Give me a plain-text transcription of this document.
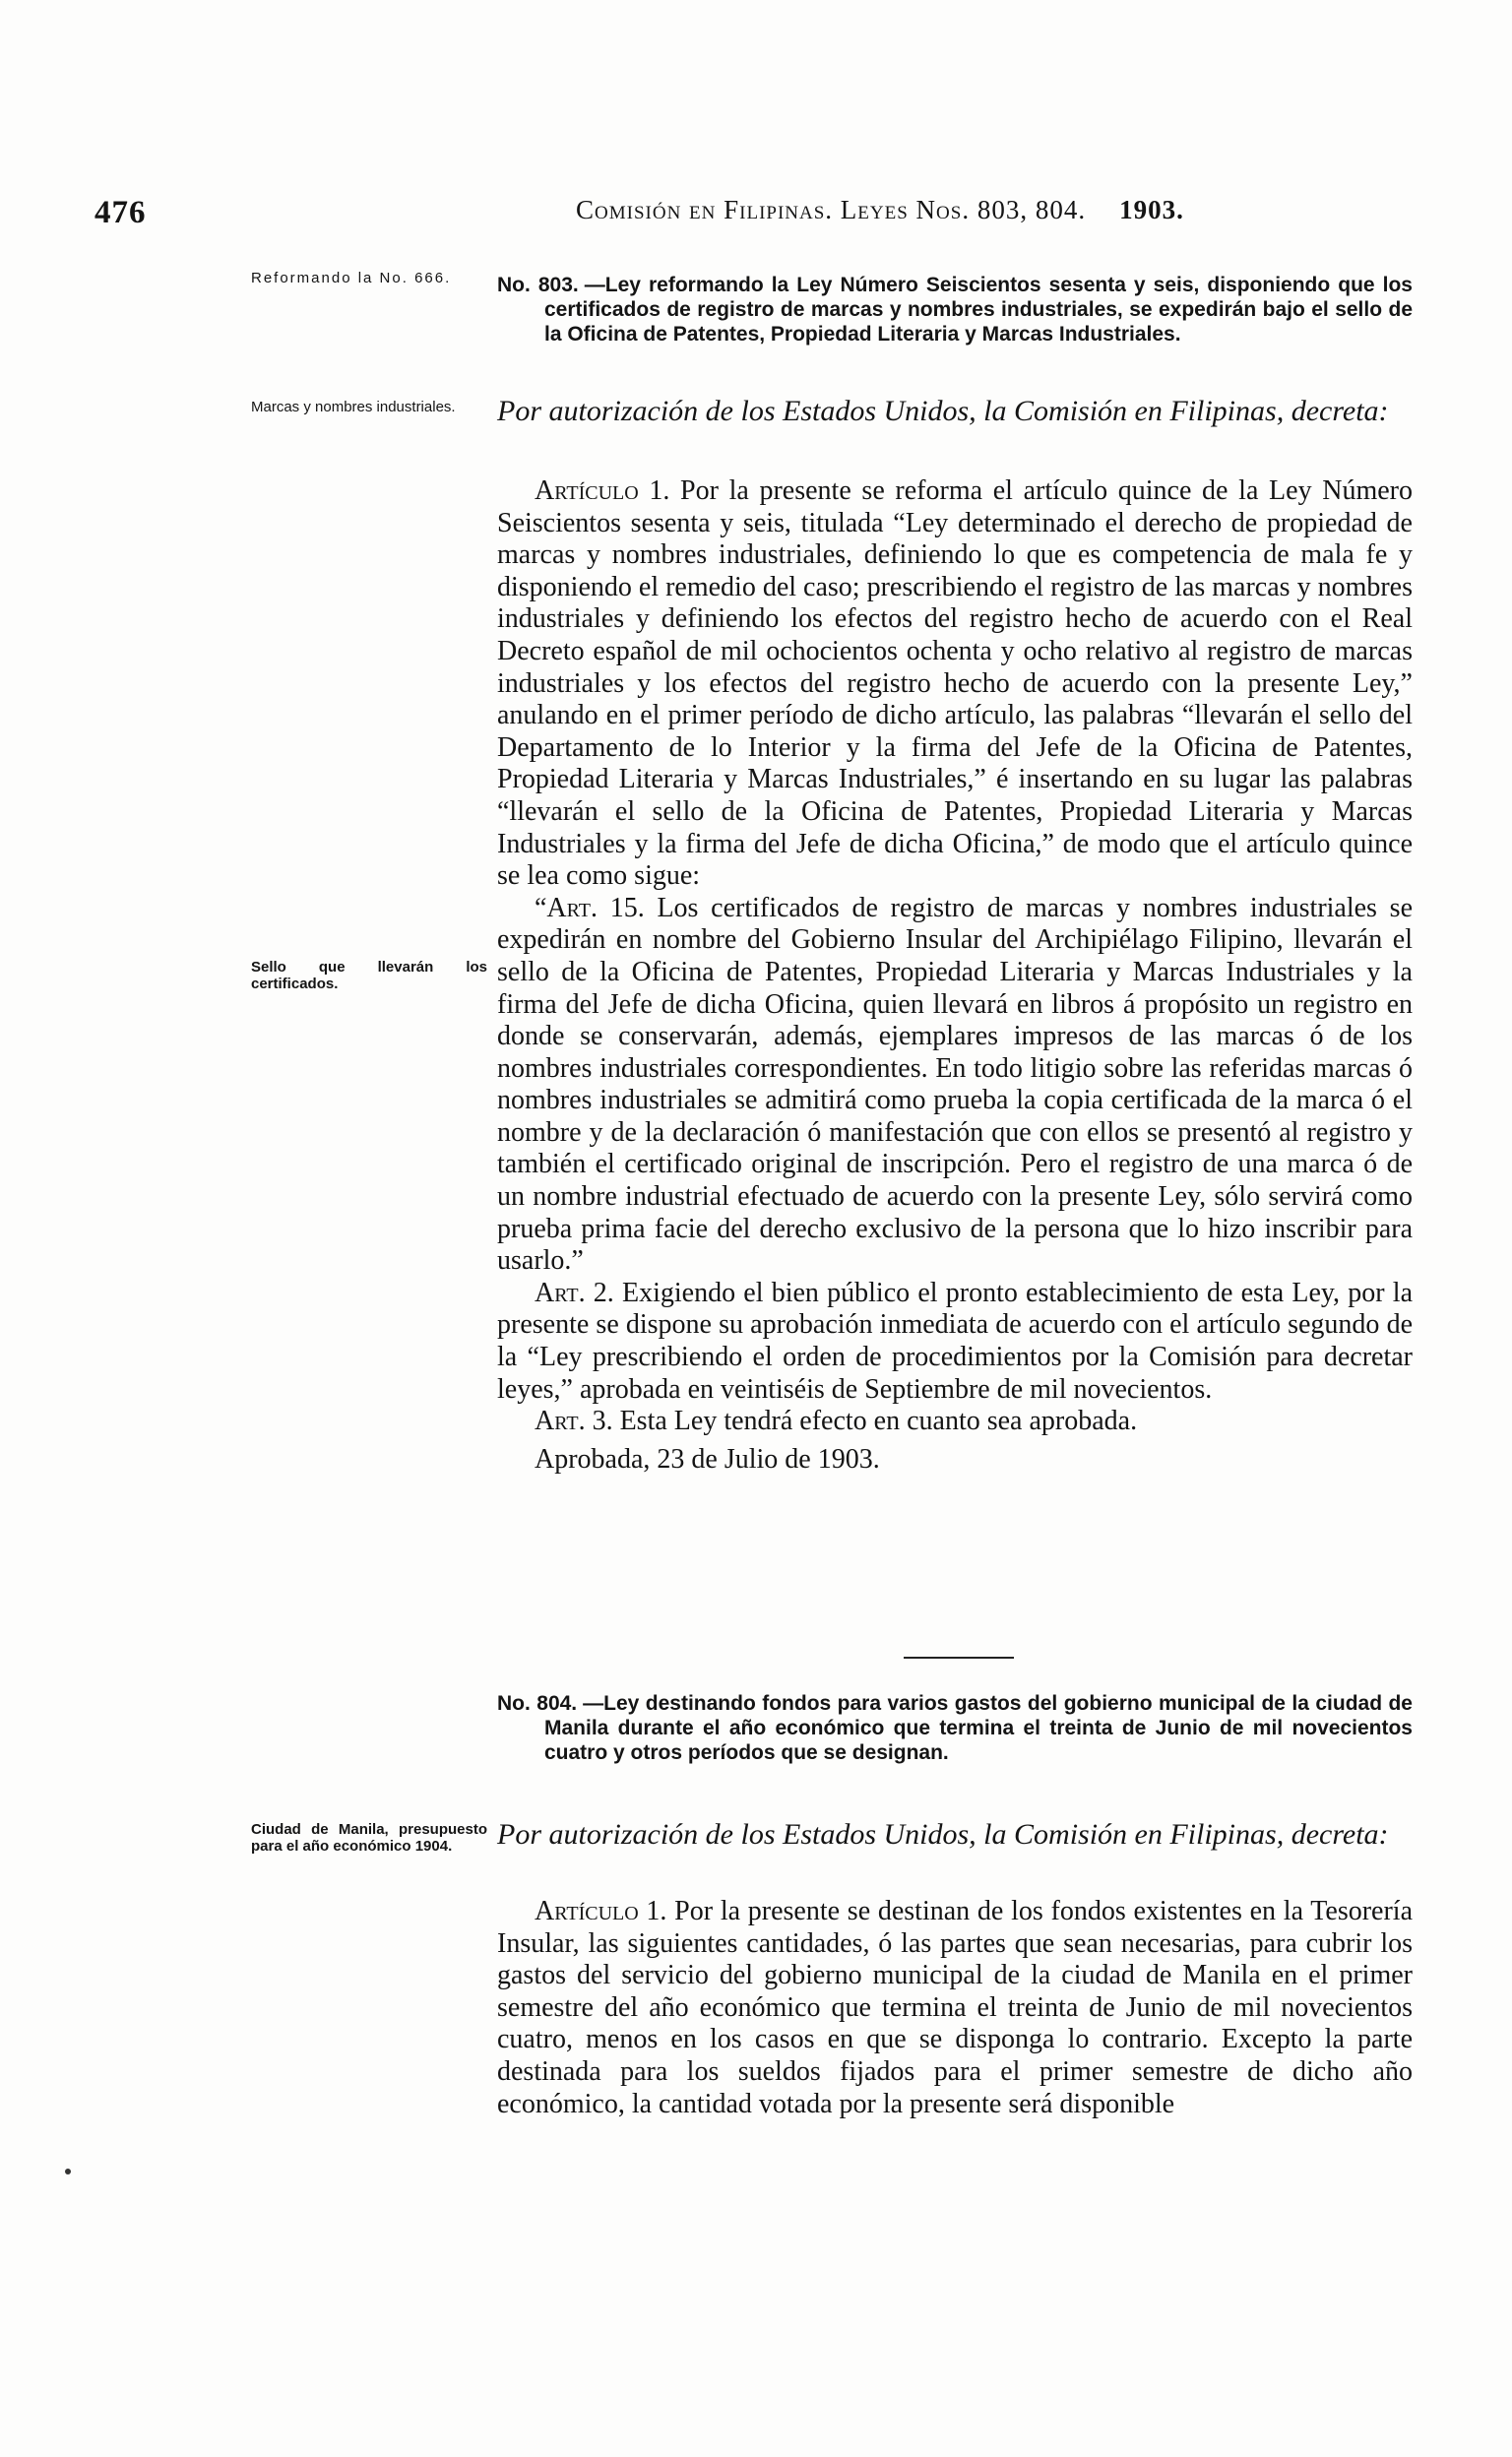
476	Comisión en Filipinas. Leyes Nos. 803, 804. 1903.
Reformando la No. 666.
Marcas y nombres industriales.
Sello que llevarán los certificados.
Ciudad de Manila, presupuesto para el año económico 1904.

No. 803. —Ley reformando la Ley Número Seiscientos sesenta y seis, disponiendo que los certificados de registro de marcas y nombres industriales, se expedirán bajo el sello de la Oficina de Patentes, Propiedad Literaria y Marcas Industriales.

Por autorización de los Estados Unidos, la Comisión en Filipinas, decreta:

Artículo 1. Por la presente se reforma el artículo quince de la Ley Número Seiscientos sesenta y seis, titulada “Ley determinado el derecho de propiedad de marcas y nombres industriales, definiendo lo que es competencia de mala fe y disponiendo el remedio del caso; prescribiendo el registro de las marcas y nombres industriales y definiendo los efectos del registro hecho de acuerdo con el Real Decreto español de mil ochocientos ochenta y ocho relativo al registro de marcas industriales y los efectos del registro hecho de acuerdo con la presente Ley,” anulando en el primer período de dicho artículo, las palabras “llevarán el sello del Departamento de lo Interior y la firma del Jefe de la Oficina de Patentes, Propiedad Literaria y Marcas Industriales,” é insertando en su lugar las palabras “llevarán el sello de la Oficina de Patentes, Propiedad Literaria y Marcas Industriales y la firma del Jefe de dicha Oficina,” de modo que el artículo quince se lea como sigue:

“Art. 15. Los certificados de registro de marcas y nombres industriales se expedirán en nombre del Gobierno Insular del Archipiélago Filipino, llevarán el sello de la Oficina de Patentes, Propiedad Literaria y Marcas Industriales y la firma del Jefe de dicha Oficina, quien llevará en libros á propósito un registro en donde se conservarán, además, ejemplares impresos de las marcas ó de los nombres industriales correspondientes. En todo litigio sobre las referidas marcas ó nombres industriales se admitirá como prueba la copia certificada de la marca ó el nombre y de la declaración ó manifestación que con ellos se presentó al registro y también el certificado original de inscripción. Pero el registro de una marca ó de un nombre industrial efectuado de acuerdo con la presente Ley, sólo servirá como prueba prima facie del derecho exclusivo de la persona que lo hizo inscribir para usarlo.”

Art. 2. Exigiendo el bien público el pronto establecimiento de esta Ley, por la presente se dispone su aprobación inmediata de acuerdo con el artículo segundo de la “Ley prescribiendo el orden de procedimientos por la Comisión para decretar leyes,” aprobada en veintiséis de Septiembre de mil novecientos.

Art. 3. Esta Ley tendrá efecto en cuanto sea aprobada.

Aprobada, 23 de Julio de 1903.

No. 804. —Ley destinando fondos para varios gastos del gobierno municipal de la ciudad de Manila durante el año económico que termina el treinta de Junio de mil novecientos cuatro y otros períodos que se designan.

Por autorización de los Estados Unidos, la Comisión en Filipinas, decreta:

Artículo 1. Por la presente se destinan de los fondos existentes en la Tesorería Insular, las siguientes cantidades, ó las partes que sean necesarias, para cubrir los gastos del servicio del gobierno municipal de la ciudad de Manila en el primer semestre del año económico que termina el treinta de Junio de mil novecientos cuatro, menos en los casos en que se disponga lo contrario. Excepto la parte destinada para los sueldos fijados para el primer semestre de dicho año económico, la cantidad votada por la presente será disponible
